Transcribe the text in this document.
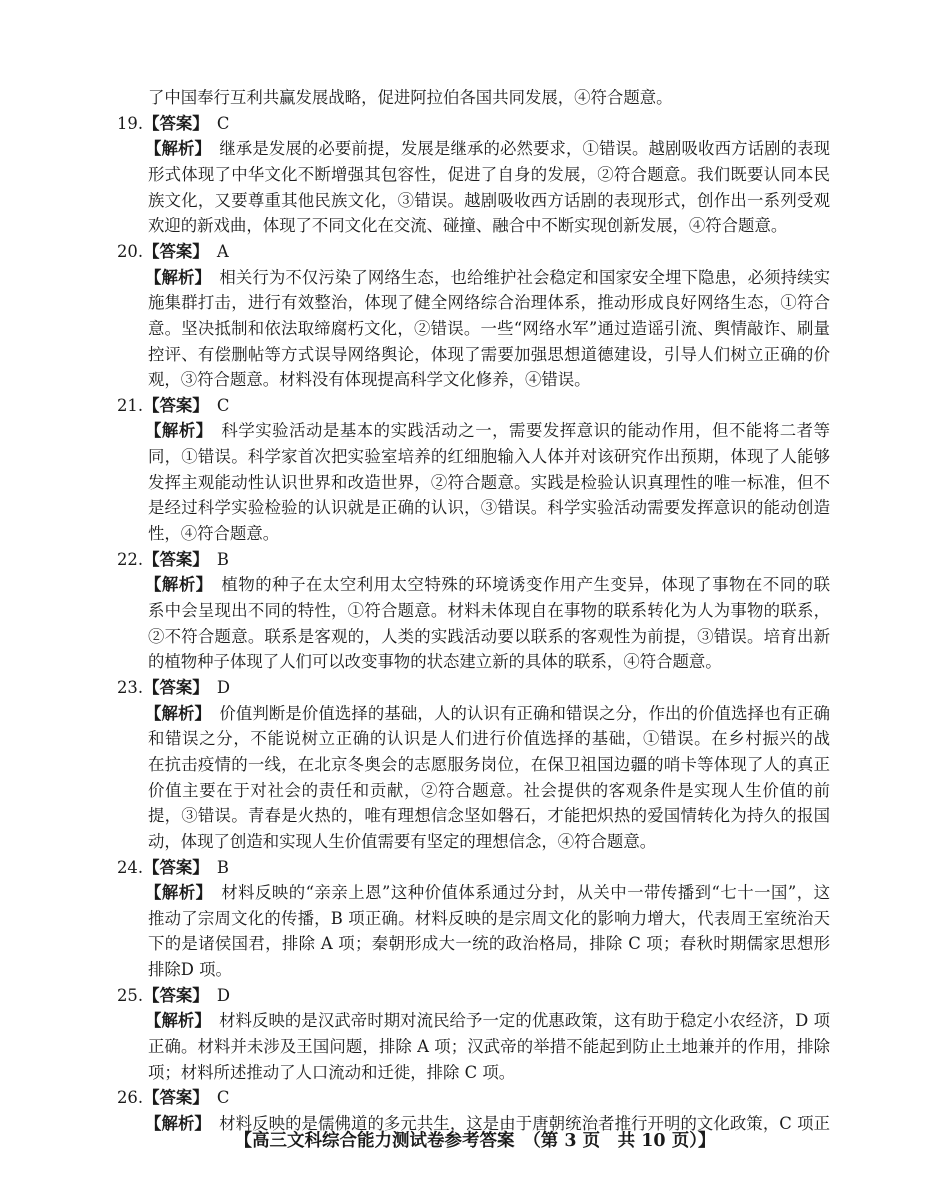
了中国奉行互利共赢发展战略，促进阿拉伯各国共同发展，④符合题意。
19.【答案】　C
【解析】　继承是发展的必要前提，发展是继承的必然要求，①错误。越剧吸收西方话剧的表现
形式体现了中华文化不断增强其包容性，促进了自身的发展，②符合题意。我们既要认同本民
族文化，又要尊重其他民族文化，③错误。越剧吸收西方话剧的表现形式，创作出一系列受观
欢迎的新戏曲，体现了不同文化在交流、碰撞、融合中不断实现创新发展，④符合题意。
20.【答案】　A
【解析】　相关行为不仅污染了网络生态，也给维护社会稳定和国家安全埋下隐患，必须持续实
施集群打击，进行有效整治，体现了健全网络综合治理体系，推动形成良好网络生态，①符合
意。坚决抵制和依法取缔腐朽文化，②错误。一些“网络水军”通过造谣引流、舆情敲诈、刷量
控评、有偿删帖等方式误导网络舆论，体现了需要加强思想道德建设，引导人们树立正确的价
观，③符合题意。材料没有体现提高科学文化修养，④错误。
21.【答案】　C
【解析】　科学实验活动是基本的实践活动之一，需要发挥意识的能动作用，但不能将二者等
同，①错误。科学家首次把实验室培养的红细胞输入人体并对该研究作出预期，体现了人能够
发挥主观能动性认识世界和改造世界，②符合题意。实践是检验认识真理性的唯一标准，但不
是经过科学实验检验的认识就是正确的认识，③错误。科学实验活动需要发挥意识的能动创造
性，④符合题意。
22.【答案】　B
【解析】　植物的种子在太空利用太空特殊的环境诱变作用产生变异，体现了事物在不同的联
系中会呈现出不同的特性，①符合题意。材料未体现自在事物的联系转化为人为事物的联系，
②不符合题意。联系是客观的，人类的实践活动要以联系的客观性为前提，③错误。培育出新
的植物种子体现了人们可以改变事物的状态建立新的具体的联系，④符合题意。
23.【答案】　D
【解析】　价值判断是价值选择的基础，人的认识有正确和错误之分，作出的价值选择也有正确
和错误之分，不能说树立正确的认识是人们进行价值选择的基础，①错误。在乡村振兴的战
在抗击疫情的一线，在北京冬奥会的志愿服务岗位，在保卫祖国边疆的哨卡等体现了人的真正
价值主要在于对社会的责任和贡献，②符合题意。社会提供的客观条件是实现人生价值的前
提，③错误。青春是火热的，唯有理想信念坚如磐石，才能把炽热的爱国情转化为持久的报国
动，体现了创造和实现人生价值需要有坚定的理想信念，④符合题意。
24.【答案】　B
【解析】　材料反映的“亲亲上恩”这种价值体系通过分封，从关中一带传播到“七十一国”，这
推动了宗周文化的传播，B 项正确。材料反映的是宗周文化的影响力增大，代表周王室统治天
下的是诸侯国君，排除 A 项；秦朝形成大一统的政治格局，排除 C 项；春秋时期儒家思想形
排除D 项。
25.【答案】　D
【解析】　材料反映的是汉武帝时期对流民给予一定的优惠政策，这有助于稳定小农经济，D 项
正确。材料并未涉及王国问题，排除 A 项；汉武帝的举措不能起到防止土地兼并的作用，排除
项；材料所述推动了人口流动和迁徙，排除 C 项。
26.【答案】　C
【解析】　材料反映的是儒佛道的多元共生，这是由于唐朝统治者推行开明的文化政策，C 项正
【高三文科综合能力测试卷参考答案　（第 3 页　共 10 页）】
